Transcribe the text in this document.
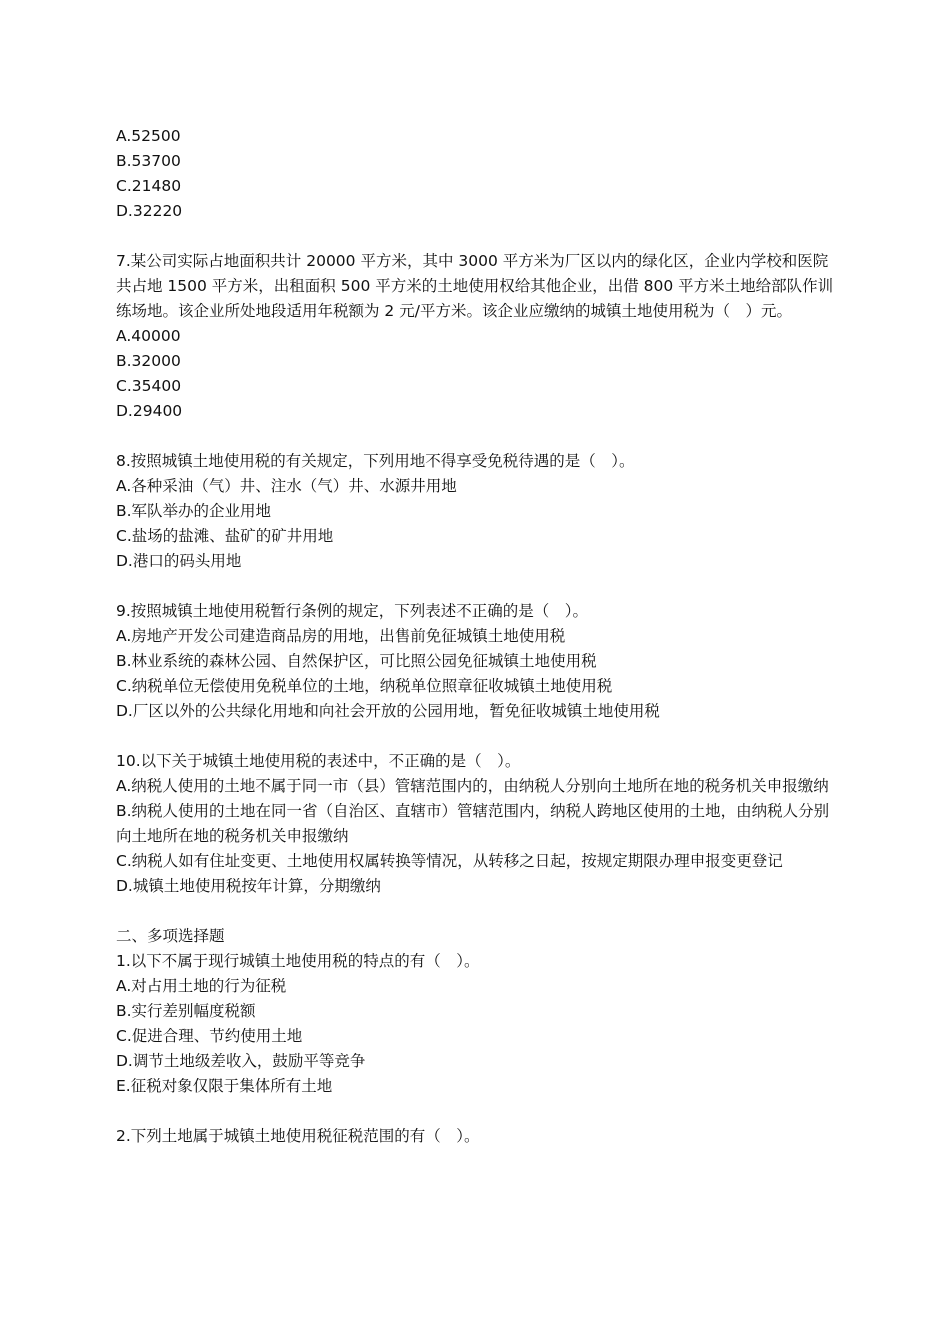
A.52500
B.53700
C.21480
D.32220
7.某公司实际占地面积共计 20000 平方米，其中 3000 平方米为厂区以内的绿化区，企业内学校和医院共占地 1500 平方米，出租面积 500 平方米的土地使用权给其他企业，出借 800 平方米土地给部队作训练场地。该企业所处地段适用年税额为 2 元/平方米。该企业应缴纳的城镇土地使用税为（　）元。
A.40000
B.32000
C.35400
D.29400
8.按照城镇土地使用税的有关规定，下列用地不得享受免税待遇的是（　）。
A.各种采油（气）井、注水（气）井、水源井用地
B.军队举办的企业用地
C.盐场的盐滩、盐矿的矿井用地
D.港口的码头用地
9.按照城镇土地使用税暂行条例的规定，下列表述不正确的是（　）。
A.房地产开发公司建造商品房的用地，出售前免征城镇土地使用税
B.林业系统的森林公园、自然保护区，可比照公园免征城镇土地使用税
C.纳税单位无偿使用免税单位的土地，纳税单位照章征收城镇土地使用税
D.厂区以外的公共绿化用地和向社会开放的公园用地，暂免征收城镇土地使用税
10.以下关于城镇土地使用税的表述中，不正确的是（　）。
A.纳税人使用的土地不属于同一市（县）管辖范围内的，由纳税人分别向土地所在地的税务机关申报缴纳
B.纳税人使用的土地在同一省（自治区、直辖市）管辖范围内，纳税人跨地区使用的土地，由纳税人分别向土地所在地的税务机关申报缴纳
C.纳税人如有住址变更、土地使用权属转换等情况，从转移之日起，按规定期限办理申报变更登记
D.城镇土地使用税按年计算，分期缴纳
二、多项选择题
1.以下不属于现行城镇土地使用税的特点的有（　）。
A.对占用土地的行为征税
B.实行差别幅度税额
C.促进合理、节约使用土地
D.调节土地级差收入，鼓励平等竞争
E.征税对象仅限于集体所有土地
2.下列土地属于城镇土地使用税征税范围的有（　）。
